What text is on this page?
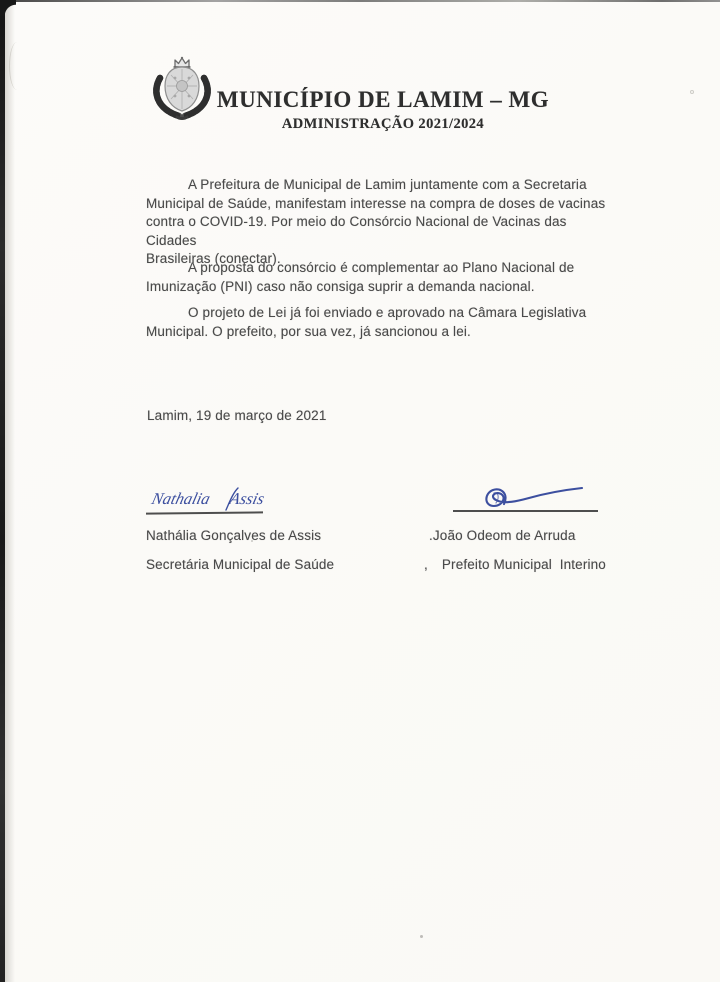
MUNICÍPIO DE LAMIM – MG
ADMINISTRAÇÃO 2021/2024
A Prefeitura de Municipal de Lamim juntamente com a Secretaria
Municipal de Saúde, manifestam interesse na compra de doses de vacinas
contra o COVID-19. Por meio do Consórcio Nacional de Vacinas das Cidades
Brasileiras (conectar).
A proposta do consórcio é complementar ao Plano Nacional de
Imunização (PNI) caso não consiga suprir a demanda nacional.
O projeto de Lei já foi enviado e aprovado na Câmara Legislativa
Municipal. O prefeito, por sua vez, já sancionou a lei.
Lamim, 19 de março de 2021
Nathalia Assis
Nathália Gonçalves de Assis
Secretária Municipal de Saúde
.João Odeom de Arruda
, Prefeito Municipal  Interino
